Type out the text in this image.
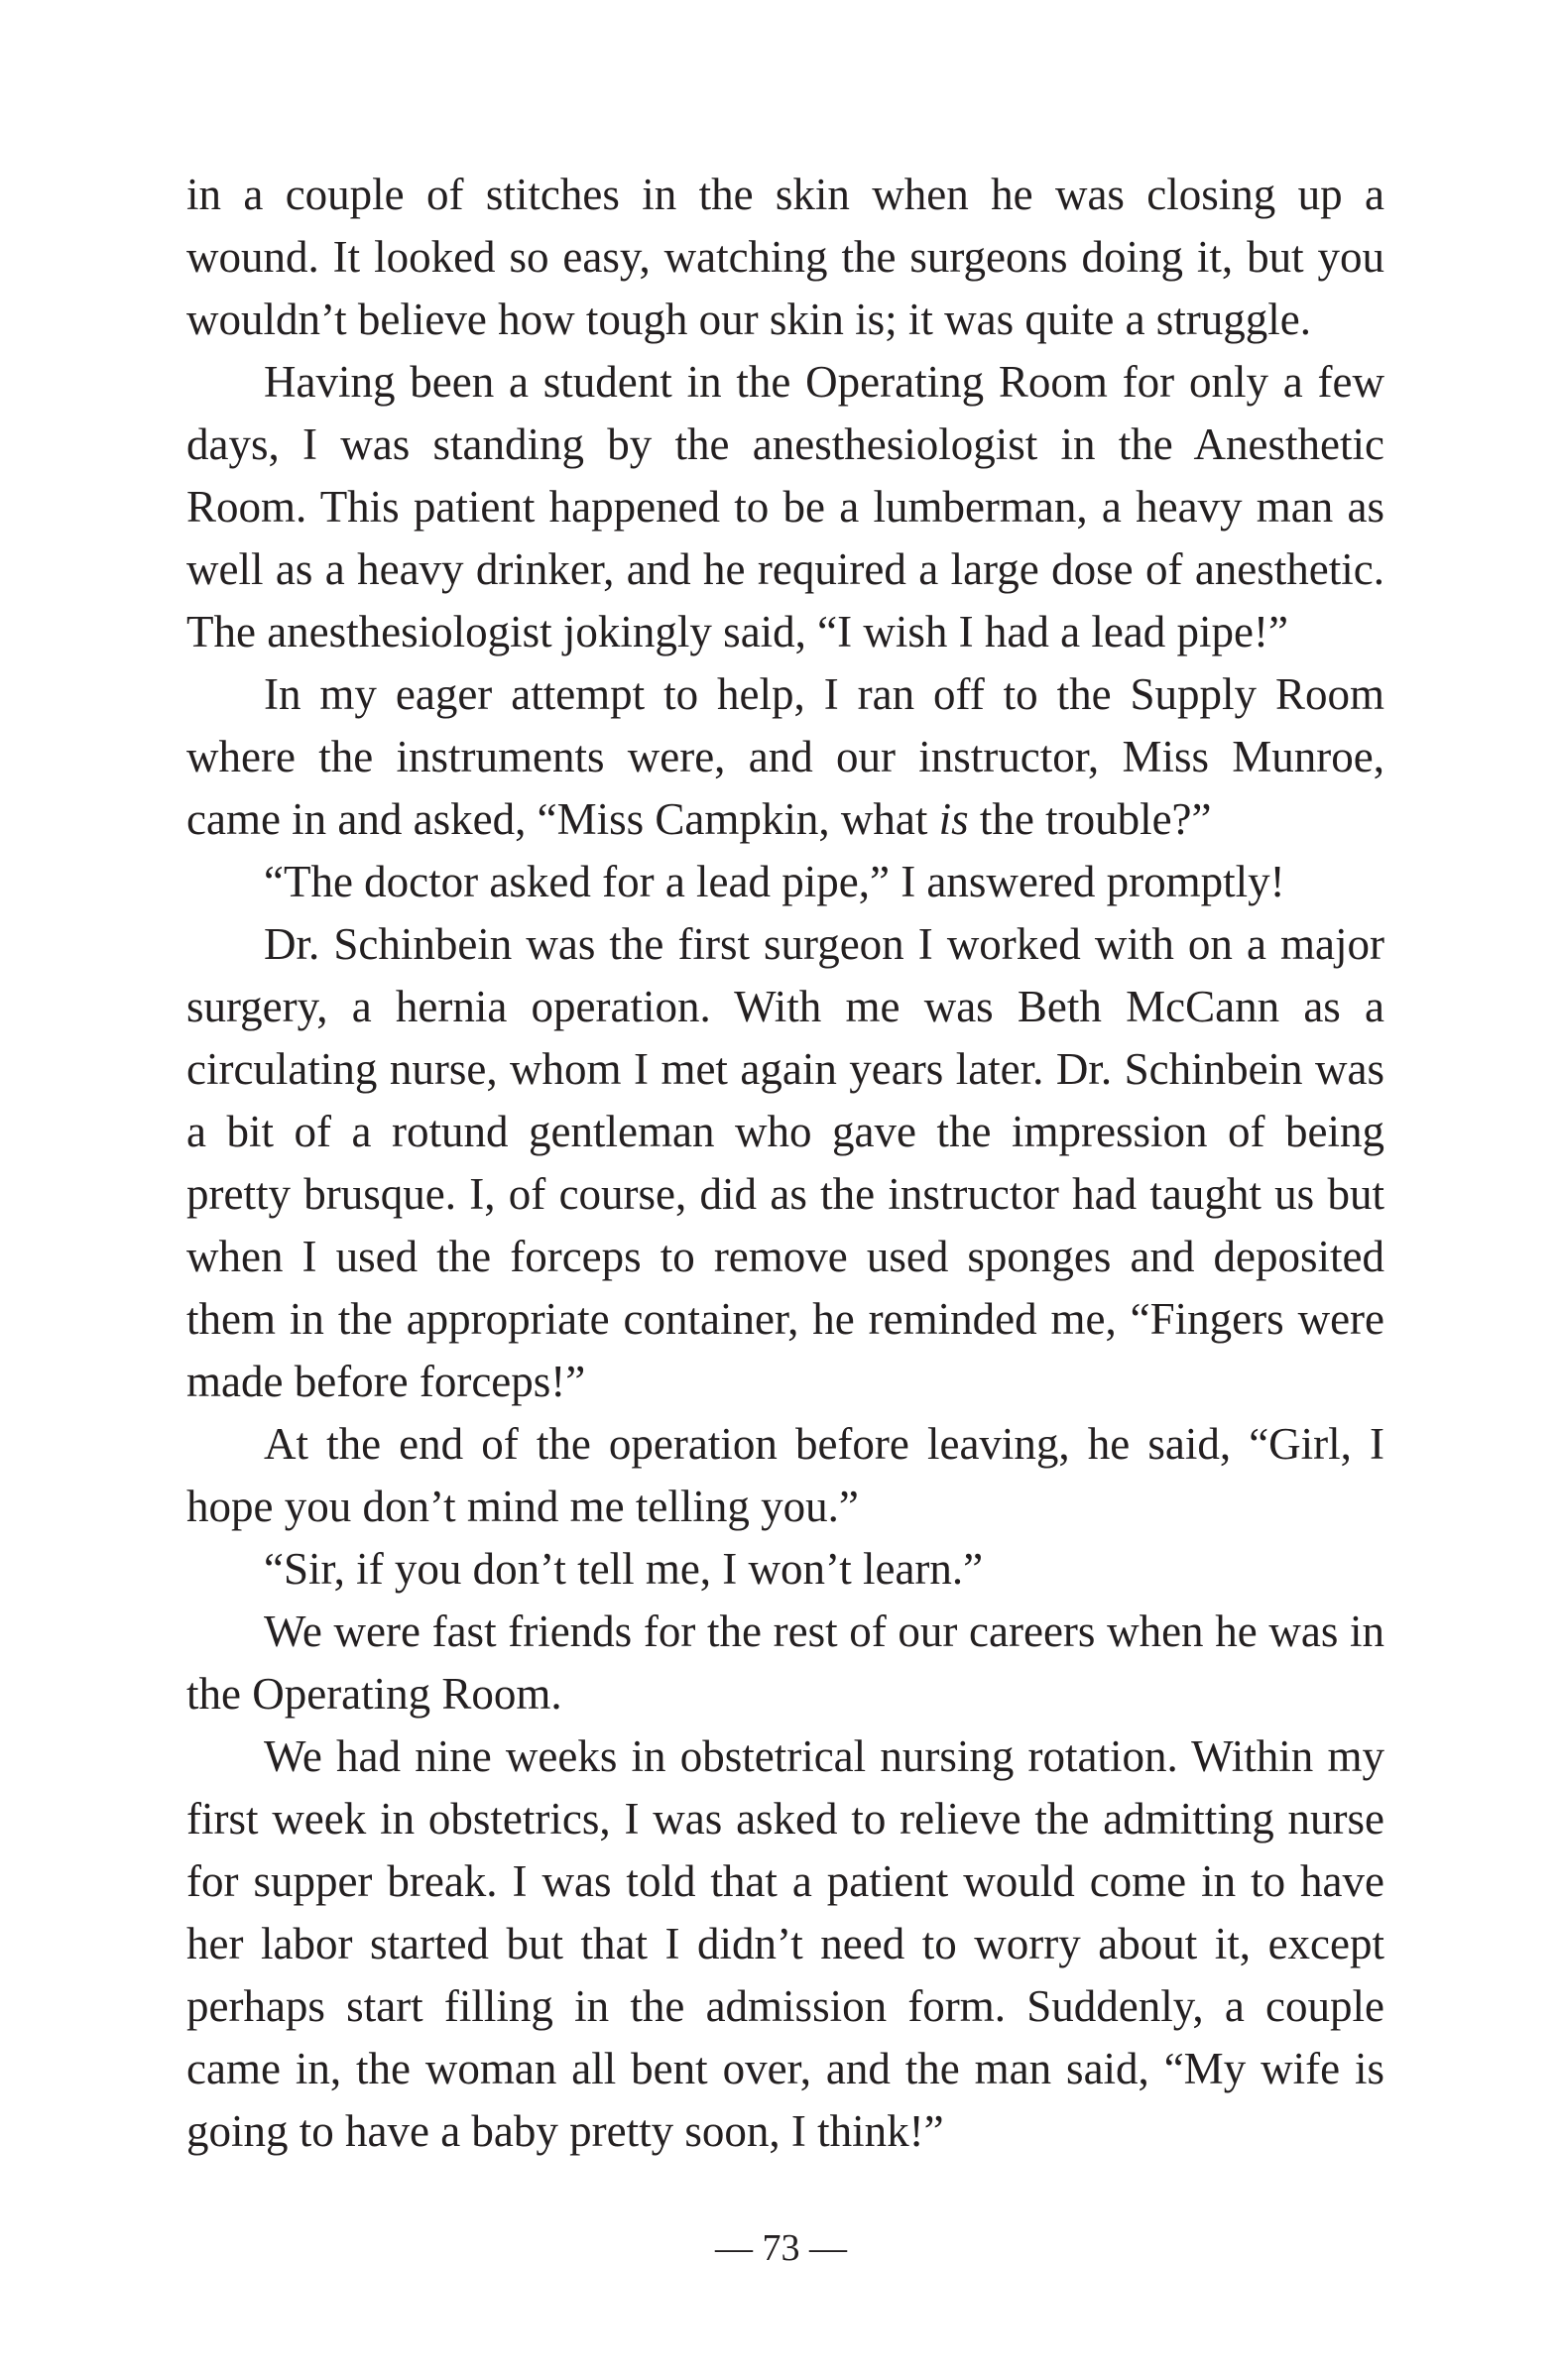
in a couple of stitches in the skin when he was closing up a wound. It looked so easy, watching the surgeons doing it, but you wouldn’t believe how tough our skin is; it was quite a struggle.

Having been a student in the Operating Room for only a few days, I was standing by the anesthesiologist in the Anesthetic Room. This patient happened to be a lumberman, a heavy man as well as a heavy drinker, and he required a large dose of anesthetic. The anesthesiologist jokingly said, “I wish I had a lead pipe!”

In my eager attempt to help, I ran off to the Supply Room where the instruments were, and our instructor, Miss Munroe, came in and asked, “Miss Campkin, what is the trouble?”

“The doctor asked for a lead pipe,” I answered promptly!

Dr. Schinbein was the first surgeon I worked with on a major surgery, a hernia operation. With me was Beth McCann as a circulating nurse, whom I met again years later. Dr. Schinbein was a bit of a rotund gentleman who gave the impression of being pretty brusque. I, of course, did as the instructor had taught us but when I used the forceps to remove used sponges and deposited them in the appropriate container, he reminded me, “Fingers were made before forceps!”

At the end of the operation before leaving, he said, “Girl, I hope you don’t mind me telling you.”

“Sir, if you don’t tell me, I won’t learn.”

We were fast friends for the rest of our careers when he was in the Operating Room.

We had nine weeks in obstetrical nursing rotation. Within my first week in obstetrics, I was asked to relieve the admitting nurse for supper break. I was told that a patient would come in to have her labor started but that I didn’t need to worry about it, except perhaps start filling in the admission form. Suddenly, a couple came in, the woman all bent over, and the man said, “My wife is going to have a baby pretty soon, I think!”

— 73 —
